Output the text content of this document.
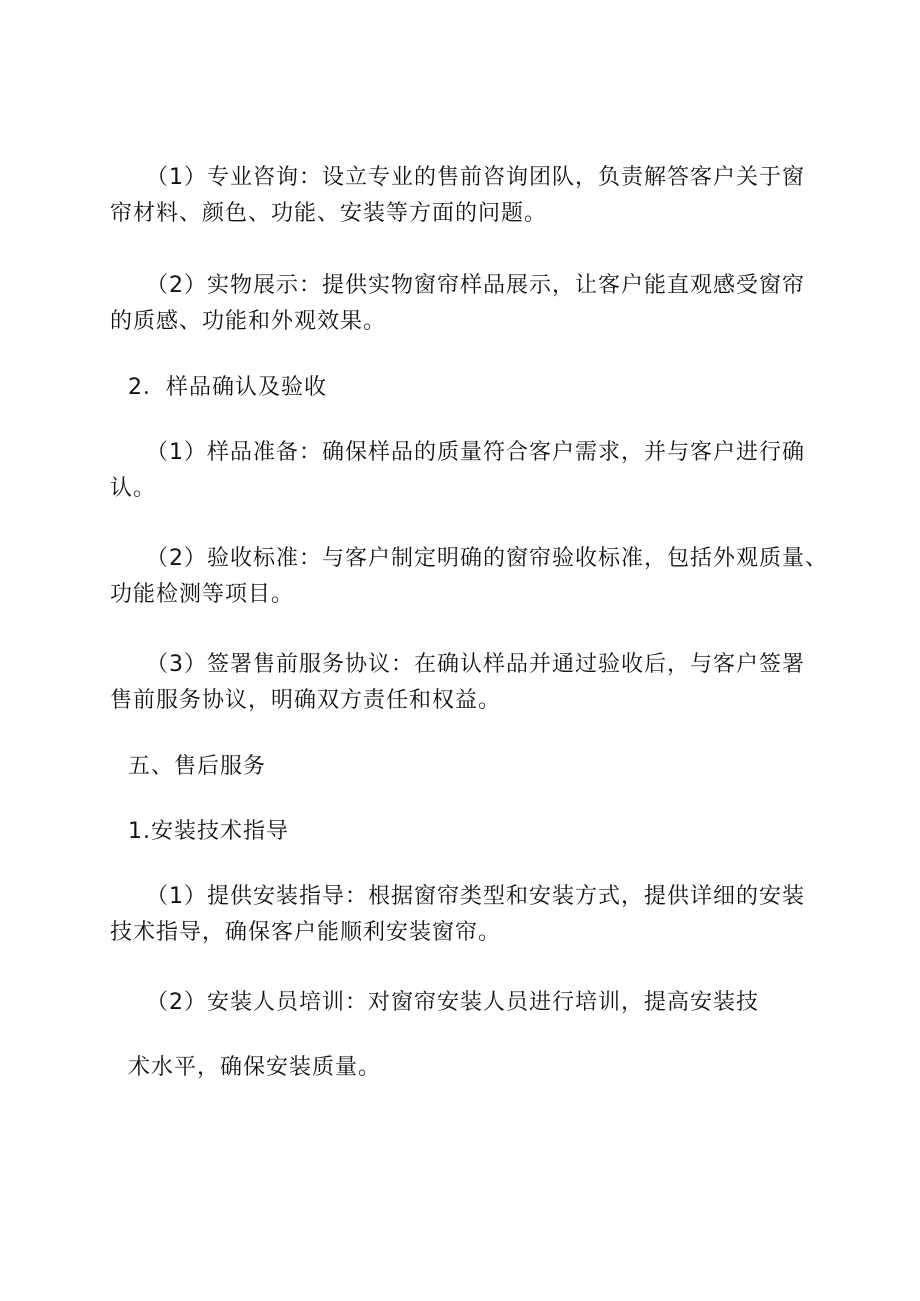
（1）专业咨询：设立专业的售前咨询团队，负责解答客户关于窗
帘材料、颜色、功能、安装等方面的问题。

（2）实物展示：提供实物窗帘样品展示，让客户能直观感受窗帘
的质感、功能和外观效果。

2．样品确认及验收

（1）样品准备：确保样品的质量符合客户需求，并与客户进行确
认。

（2）验收标准：与客户制定明确的窗帘验收标准，包括外观质量、
功能检测等项目。

（3）签署售前服务协议：在确认样品并通过验收后，与客户签署
售前服务协议，明确双方责任和权益。

五、售后服务

1.安装技术指导

（1）提供安装指导：根据窗帘类型和安装方式，提供详细的安装
技术指导，确保客户能顺利安装窗帘。

（2）安装人员培训：对窗帘安装人员进行培训，提高安装技

术水平，确保安装质量。
